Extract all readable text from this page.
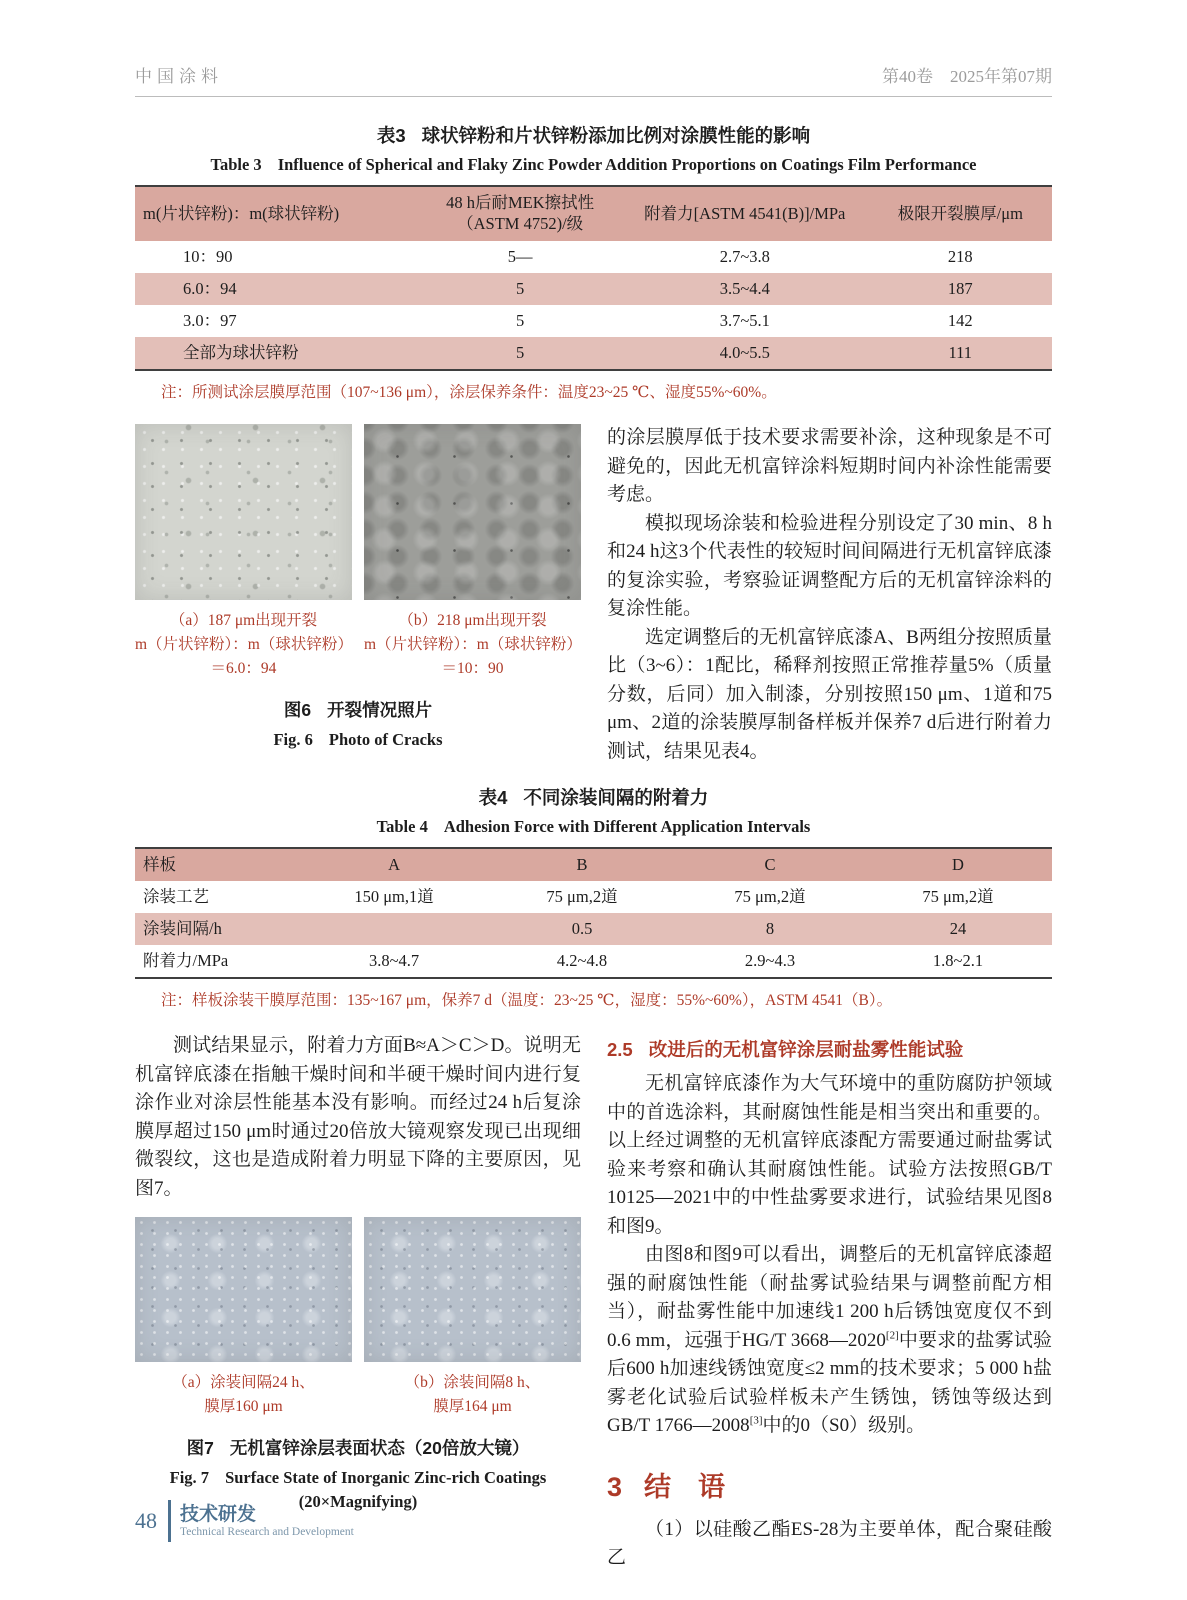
中国涂料	第40卷　2025年第07期
表3 球状锌粉和片状锌粉添加比例对涂膜性能的影响
Table 3 Influence of Spherical and Flaky Zinc Powder Addition Proportions on Coatings Film Performance
m(片状锌粉)：m(球状锌粉)	48 h后耐MEK擦拭性
（ASTM 4752)/级	附着力[ASTM 4541(B)]/MPa	极限开裂膜厚/μm
10：90	5—	2.7~3.8	218
6.0：94	5	3.5~4.4	187
3.0：97	5	3.7~5.1	142
全部为球状锌粉	5	4.0~5.5	111
注：所测试涂层膜厚范围（107~136 μm），涂层保养条件：温度23~25 ℃、湿度55%~60%。
（a）187 μm出现开裂
m（片状锌粉）：m（球状锌粉）
＝6.0：94
（b）218 μm出现开裂
m（片状锌粉）：m（球状锌粉）
＝10：90
图6 开裂情况照片
Fig. 6 Photo of Cracks

的涂层膜厚低于技术要求需要补涂，这种现象是不可避免的，因此无机富锌涂料短期时间内补涂性能需要考虑。

模拟现场涂装和检验进程分别设定了30 min、8 h和24 h这3个代表性的较短时间间隔进行无机富锌底漆的复涂实验，考察验证调整配方后的无机富锌涂料的复涂性能。

选定调整后的无机富锌底漆A、B两组分按照质量比（3~6）：1配比，稀释剂按照正常推荐量5%（质量分数，后同）加入制漆，分别按照150 μm、1道和75 μm、2道的涂装膜厚制备样板并保养7 d后进行附着力测试，结果见表4。

表4 不同涂装间隔的附着力
Table 4 Adhesion Force with Different Application Intervals
样板	A	B	C	D
涂装工艺	150 μm,1道	75 μm,2道	75 μm,2道	75 μm,2道
涂装间隔/h		0.5	8	24
附着力/MPa	3.8~4.7	4.2~4.8	2.9~4.3	1.8~2.1
注：样板涂装干膜厚范围：135~167 μm，保养7 d（温度：23~25 ℃，湿度：55%~60%），ASTM 4541（B）。

测试结果显示，附着力方面B≈A＞C＞D。说明无机富锌底漆在指触干燥时间和半硬干燥时间内进行复涂作业对涂层性能基本没有影响。而经过24 h后复涂膜厚超过150 μm时通过20倍放大镜观察发现已出现细微裂纹，这也是造成附着力明显下降的主要原因，见图7。

（a）涂装间隔24 h、
膜厚160 μm
（b）涂装间隔8 h、
膜厚164 μm
图7 无机富锌涂层表面状态（20倍放大镜）
Fig. 7 Surface State of Inorganic Zinc-rich Coatings
(20×Magnifying)
2.5 改进后的无机富锌涂层耐盐雾性能试验

无机富锌底漆作为大气环境中的重防腐防护领域中的首选涂料，其耐腐蚀性能是相当突出和重要的。以上经过调整的无机富锌底漆配方需要通过耐盐雾试验来考察和确认其耐腐蚀性能。试验方法按照GB/T 10125—2021中的中性盐雾要求进行，试验结果见图8和图9。

由图8和图9可以看出，调整后的无机富锌底漆超强的耐腐蚀性能（耐盐雾试验结果与调整前配方相当），耐盐雾性能中加速线1 200 h后锈蚀宽度仅不到0.6 mm，远强于HG/T 3668—2020[2]中要求的盐雾试验后600 h加速线锈蚀宽度≤2 mm的技术要求；5 000 h盐雾老化试验后试验样板未产生锈蚀，锈蚀等级达到GB/T 1766—2008[3]中的0（S0）级别。

3 结　语

（1）以硅酸乙酯ES-28为主要单体，配合聚硅酸乙

48 技术研发
Technical Research and Development
